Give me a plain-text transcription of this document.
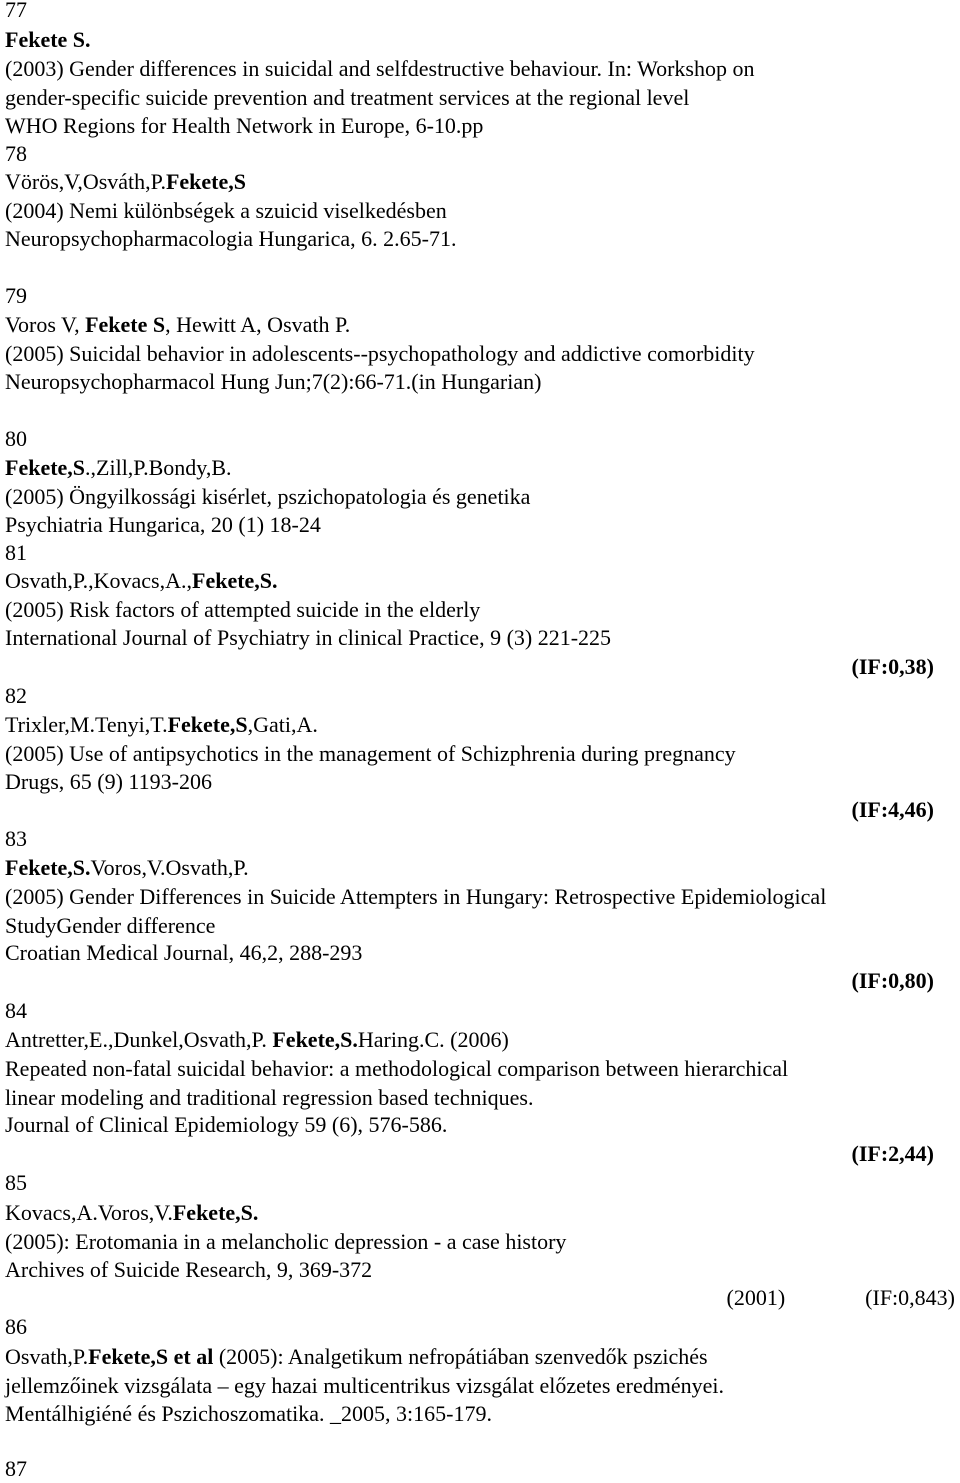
77
Fekete S.
(2003) Gender differences in suicidal and selfdestructive behaviour. In: Workshop on
gender-specific suicide prevention and treatment services at the regional level
WHO Regions for Health Network in Europe, 6-10.pp
78
Vörös,V,Osváth,P.Fekete,S
(2004) Nemi különbségek a szuicid viselkedésben
Neuropsychopharmacologia Hungarica, 6. 2.65-71.
79
Voros V, Fekete S, Hewitt A, Osvath P.
(2005) Suicidal behavior in adolescents--psychopathology and addictive comorbidity
Neuropsychopharmacol Hung Jun;7(2):66-71.(in Hungarian)
80
Fekete,S.,Zill,P.Bondy,B.
(2005) Öngyilkossági kisérlet, pszichopatologia és genetika
Psychiatria Hungarica, 20 (1) 18-24
81
Osvath,P.,Kovacs,A.,Fekete,S.
(2005) Risk factors of attempted suicide in the elderly
International Journal of Psychiatry in clinical Practice, 9 (3) 221-225
(IF:0,38)
82
Trixler,M.Tenyi,T.Fekete,S,Gati,A.
(2005) Use of antipsychotics in the management of Schizphrenia during pregnancy
Drugs, 65 (9) 1193-206
(IF:4,46)
83
Fekete,S.Voros,V.Osvath,P.
(2005) Gender Differences in Suicide Attempters in Hungary: Retrospective Epidemiological
StudyGender difference
Croatian Medical Journal, 46,2, 288-293
(IF:0,80)
84
Antretter,E.,Dunkel,Osvath,P. Fekete,S.Haring.C. (2006)
Repeated non-fatal suicidal behavior: a methodological comparison between hierarchical
linear modeling and traditional regression based techniques.
Journal of Clinical Epidemiology 59 (6), 576-586.
(IF:2,44)
85
Kovacs,A.Voros,V.Fekete,S.
(2005): Erotomania in a melancholic depression - a case history
Archives of Suicide Research, 9, 369-372
(2001)	(IF:0,843)
86
Osvath,P.Fekete,S et al (2005): Analgetikum nefropátiában szenvedők pszichés
jellemzőinek vizsgálata – egy hazai multicentrikus vizsgálat előzetes eredményei.
Mentálhigiéné és Pszichoszomatika. _2005, 3:165-179.
87
